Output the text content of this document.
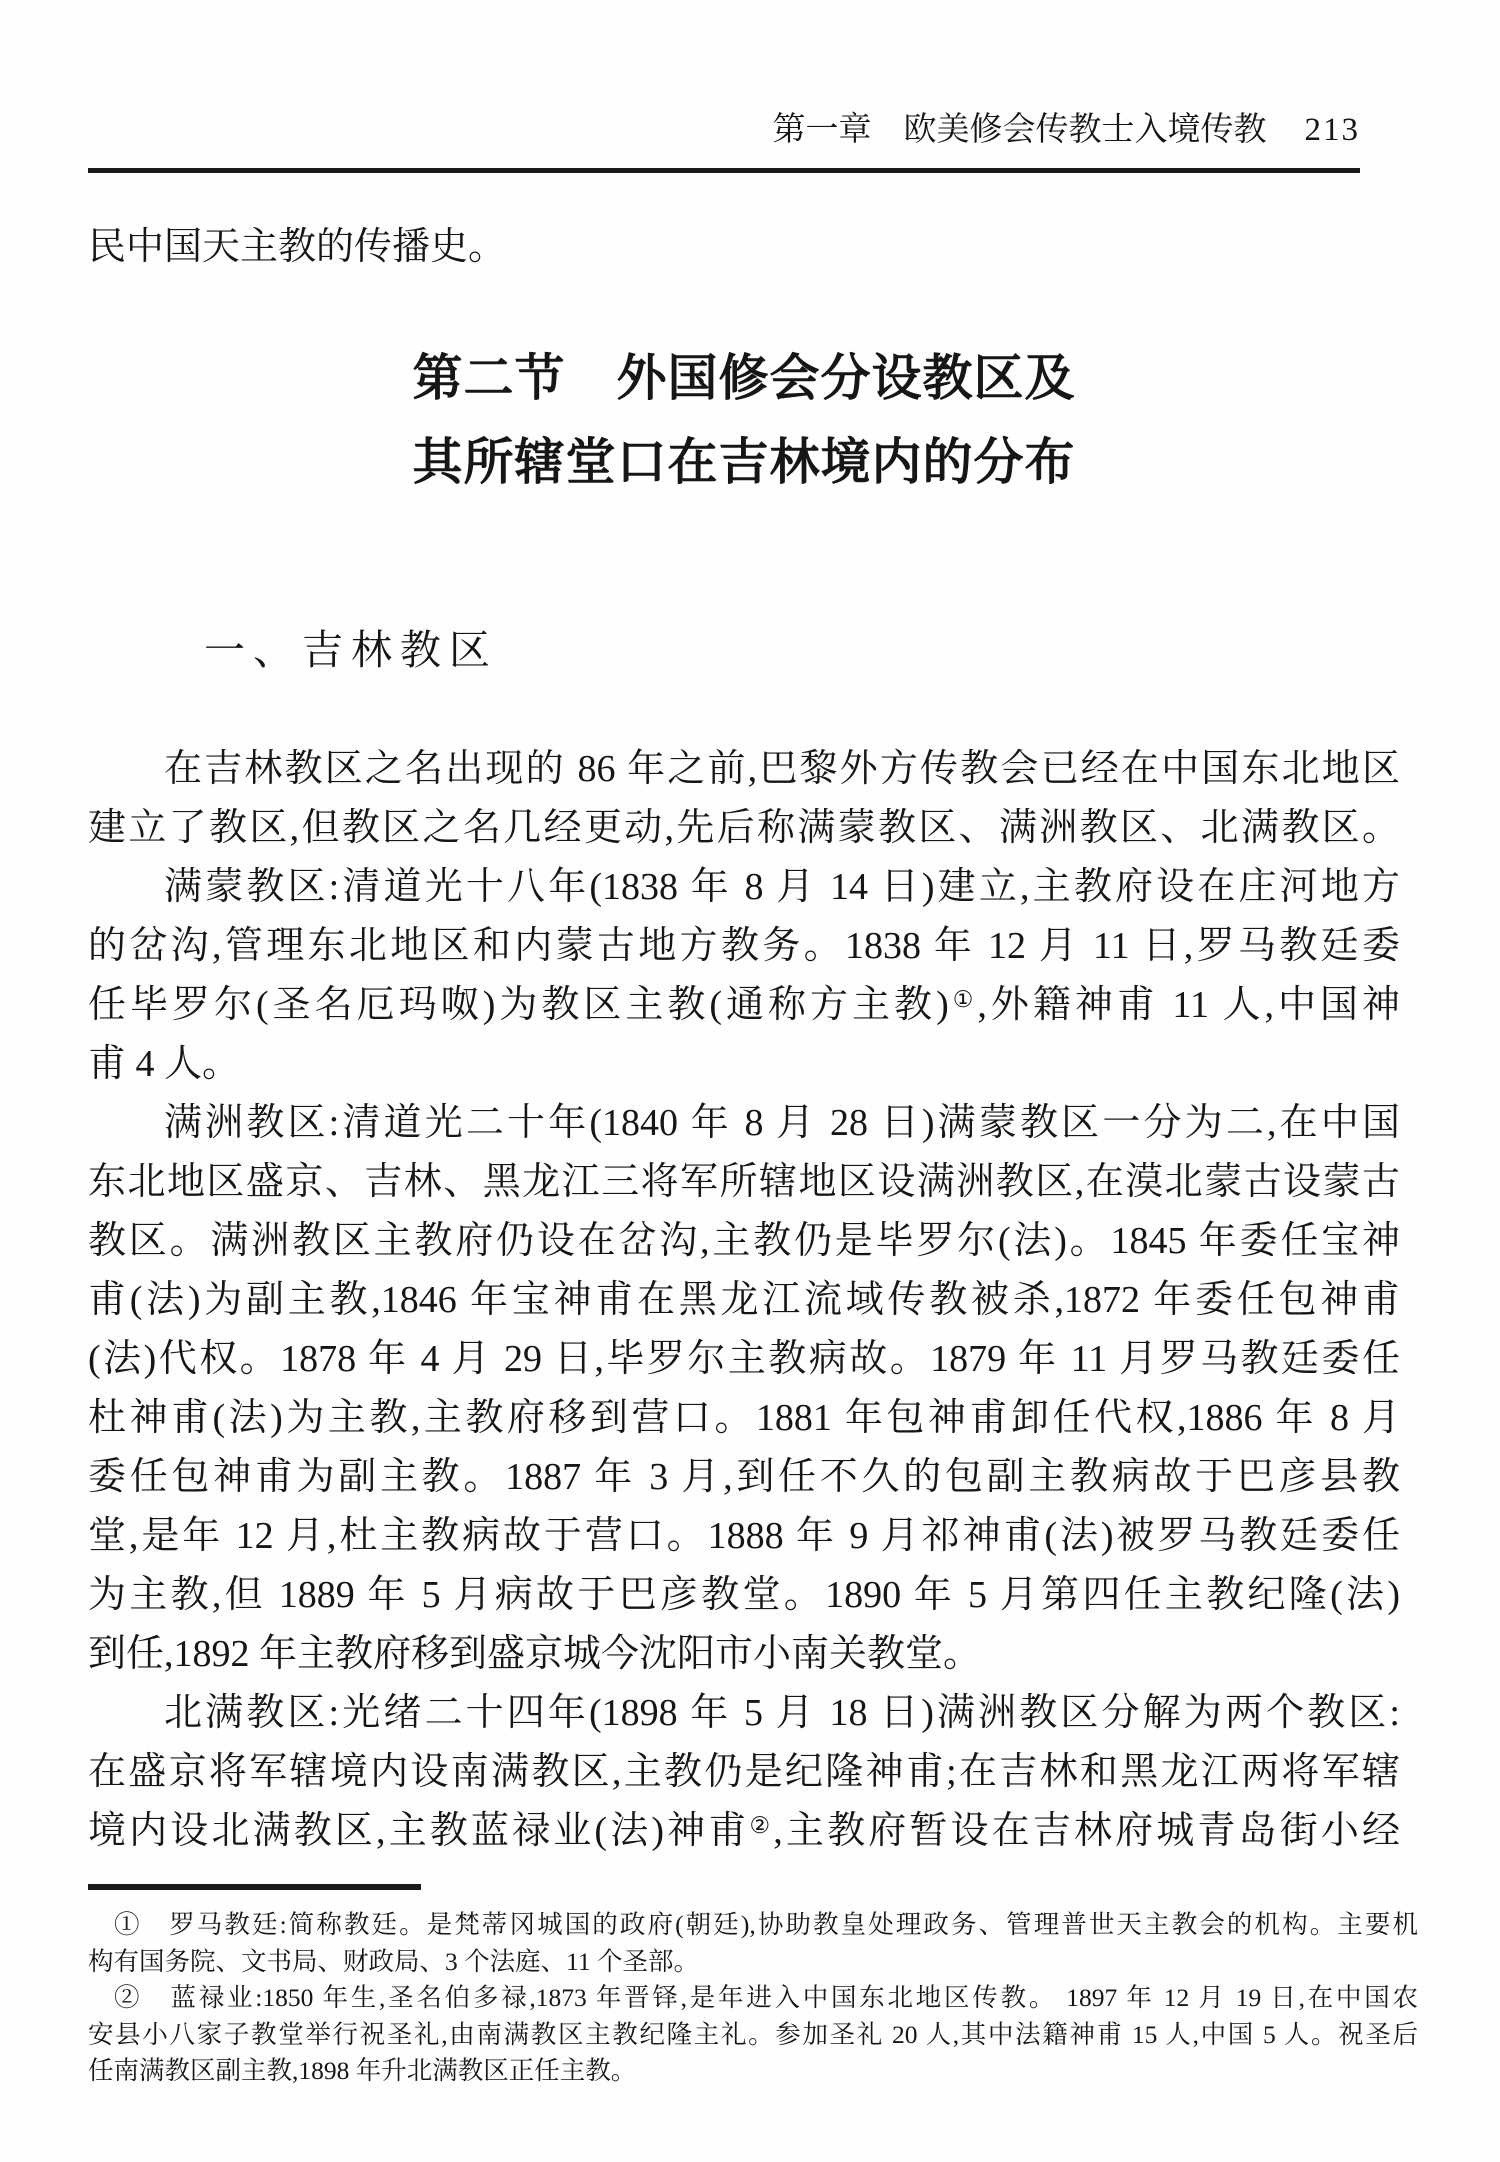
第一章 欧美修会传教士入境传教 213
民中国天主教的传播史。
第二节　外国修会分设教区及
其所辖堂口在吉林境内的分布
一、吉林教区
在吉林教区之名出现的 86 年之前,巴黎外方传教会已经在中国东北地区
建立了教区,但教区之名几经更动,先后称满蒙教区、满洲教区、北满教区。
满蒙教区:清道光十八年(1838 年 8 月 14 日)建立,主教府设在庄河地方
的岔沟,管理东北地区和内蒙古地方教务。1838 年 12 月 11 日,罗马教廷委
任毕罗尔(圣名厄玛呶)为教区主教(通称方主教)①,外籍神甫 11 人,中国神
甫 4 人。
满洲教区:清道光二十年(1840 年 8 月 28 日)满蒙教区一分为二,在中国
东北地区盛京、吉林、黑龙江三将军所辖地区设满洲教区,在漠北蒙古设蒙古
教区。满洲教区主教府仍设在岔沟,主教仍是毕罗尔(法)。1845 年委任宝神
甫(法)为副主教,1846 年宝神甫在黑龙江流域传教被杀,1872 年委任包神甫
(法)代权。1878 年 4 月 29 日,毕罗尔主教病故。1879 年 11 月罗马教廷委任
杜神甫(法)为主教,主教府移到营口。1881 年包神甫卸任代权,1886 年 8 月
委任包神甫为副主教。1887 年 3 月,到任不久的包副主教病故于巴彦县教
堂,是年 12 月,杜主教病故于营口。1888 年 9 月祁神甫(法)被罗马教廷委任
为主教,但 1889 年 5 月病故于巴彦教堂。1890 年 5 月第四任主教纪隆(法)
到任,1892 年主教府移到盛京城今沈阳市小南关教堂。
北满教区:光绪二十四年(1898 年 5 月 18 日)满洲教区分解为两个教区:
在盛京将军辖境内设南满教区,主教仍是纪隆神甫;在吉林和黑龙江两将军辖
境内设北满教区,主教蓝禄业(法)神甫②,主教府暂设在吉林府城青岛街小经
①　罗马教廷:简称教廷。是梵蒂冈城国的政府(朝廷),协助教皇处理政务、管理普世天主教会的机构。主要机
构有国务院、文书局、财政局、3 个法庭、11 个圣部。
②　蓝禄业:1850 年生,圣名伯多禄,1873 年晋铎,是年进入中国东北地区传教。 1897 年 12 月 19 日,在中国农
安县小八家子教堂举行祝圣礼,由南满教区主教纪隆主礼。参加圣礼 20 人,其中法籍神甫 15 人,中国 5 人。祝圣后
任南满教区副主教,1898 年升北满教区正任主教。
